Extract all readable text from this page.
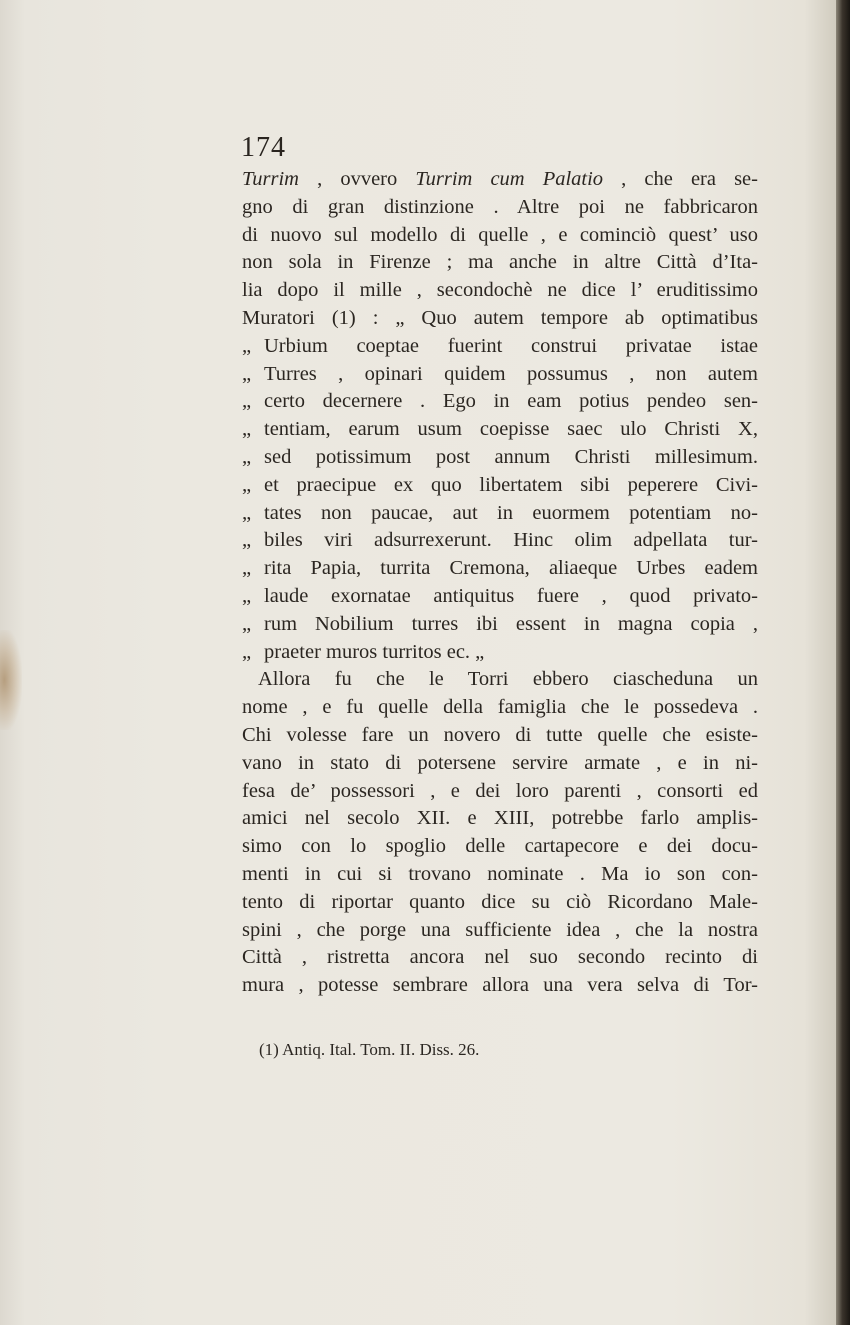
174

Turrim , ovvero Turrim cum Palatio , che era se-
gno di gran distinzione . Altre poi ne fabbricaron
di nuovo sul modello di quelle , e cominciò quest’ uso
non sola in Firenze ; ma anche in altre Città d’Ita-
lia dopo il mille , secondochè ne dice l’ eruditissimo
Muratori (1) : „ Quo autem tempore ab optimatibus
„ Urbium coeptae fuerint construi privatae istae
„ Turres , opinari quidem possumus , non autem
„ certo decernere . Ego in eam potius pendeo sen-
„ tentiam, earum usum coepisse saec ulo Christi X,
„ sed potissimum post annum Christi millesimum.
„ et praecipue ex quo libertatem sibi peperere Civi-
„ tates non paucae, aut in euormem potentiam no-
„ biles viri adsurrexerunt. Hinc olim adpellata tur-
„ rita Papia, turrita Cremona, aliaeque Urbes eadem
„ laude exornatae antiquitus fuere , quod privato-
„ rum Nobilium turres ibi essent in magna copia ,
„ praeter muros turritos ec. „
Allora fu che le Torri ebbero ciascheduna un
nome , e fu quelle della famiglia che le possedeva .
Chi volesse fare un novero di tutte quelle che esiste-
vano in stato di potersene servire armate , e in ni-
fesa de’ possessori , e dei loro parenti , consorti ed
amici nel secolo XII. e XIII, potrebbe farlo amplis-
simo con lo spoglio delle cartapecore e dei docu-
menti in cui si trovano nominate . Ma io son con-
tento di riportar quanto dice su ciò Ricordano Male-
spini , che porge una sufficiente idea , che la nostra
Città , ristretta ancora nel suo secondo recinto di
mura , potesse sembrare allora una vera selva di Tor-

(1) Antiq. Ital. Tom. II. Diss. 26.
